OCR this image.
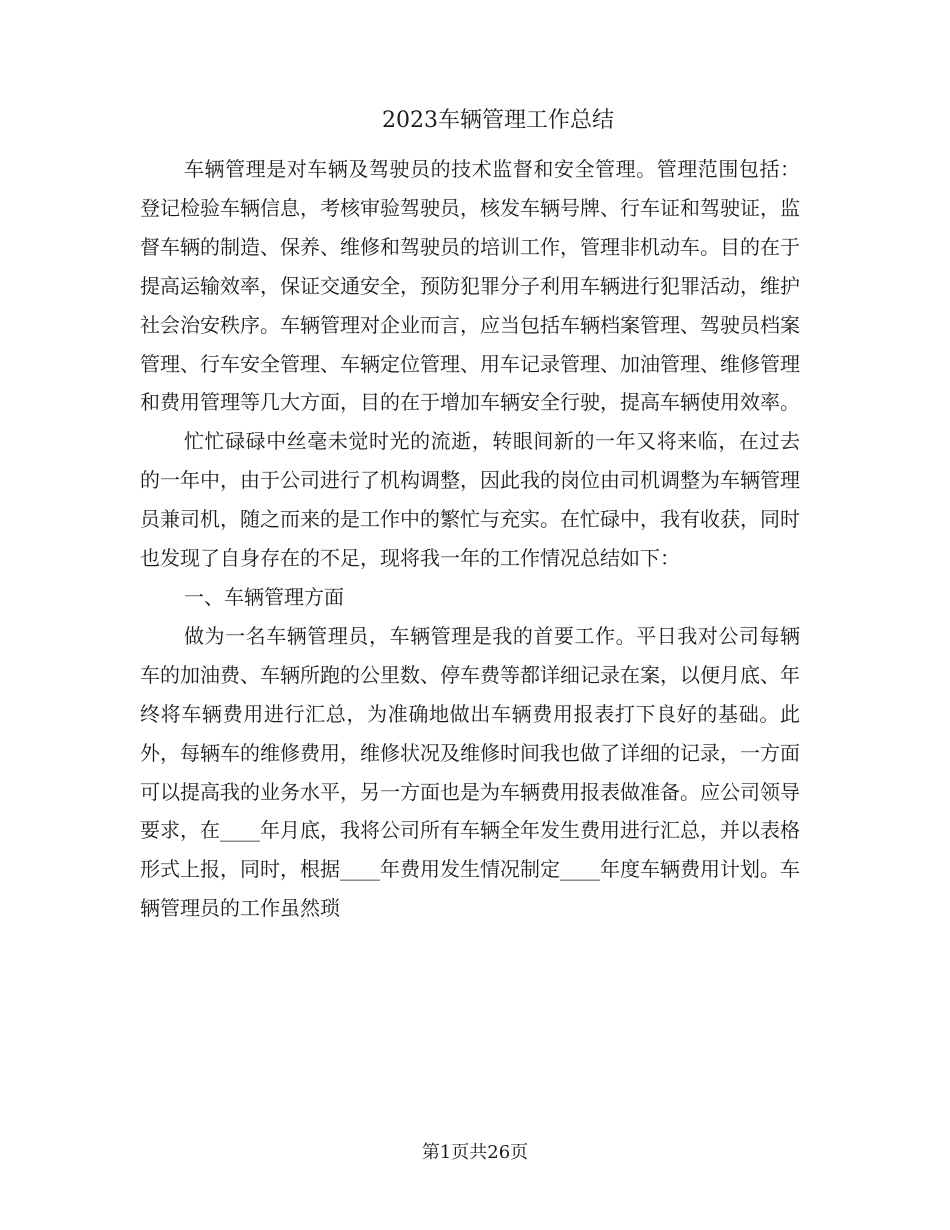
2023车辆管理工作总结

车辆管理是对车辆及驾驶员的技术监督和安全管理。管理范围包括：登记检验车辆信息，考核审验驾驶员，核发车辆号牌、行车证和驾驶证，监督车辆的制造、保养、维修和驾驶员的培训工作，管理非机动车。目的在于提高运输效率，保证交通安全，预防犯罪分子利用车辆进行犯罪活动，维护社会治安秩序。车辆管理对企业而言，应当包括车辆档案管理、驾驶员档案管理、行车安全管理、车辆定位管理、用车记录管理、加油管理、维修管理和费用管理等几大方面，目的在于增加车辆安全行驶，提高车辆使用效率。

忙忙碌碌中丝毫未觉时光的流逝，转眼间新的一年又将来临，在过去的一年中，由于公司进行了机构调整，因此我的岗位由司机调整为车辆管理员兼司机，随之而来的是工作中的繁忙与充实。在忙碌中，我有收获，同时也发现了自身存在的不足，现将我一年的工作情况总结如下：

一、车辆管理方面

做为一名车辆管理员，车辆管理是我的首要工作。平日我对公司每辆车的加油费、车辆所跑的公里数、停车费等都详细记录在案，以便月底、年终将车辆费用进行汇总，为准确地做出车辆费用报表打下良好的基础。此外，每辆车的维修费用，维修状况及维修时间我也做了详细的记录，一方面可以提高我的业务水平，另一方面也是为车辆费用报表做准备。应公司领导要求，在____年月底，我将公司所有车辆全年发生费用进行汇总，并以表格形式上报，同时，根据____年费用发生情况制定____年度车辆费用计划。车辆管理员的工作虽然琐

第1页共26页
